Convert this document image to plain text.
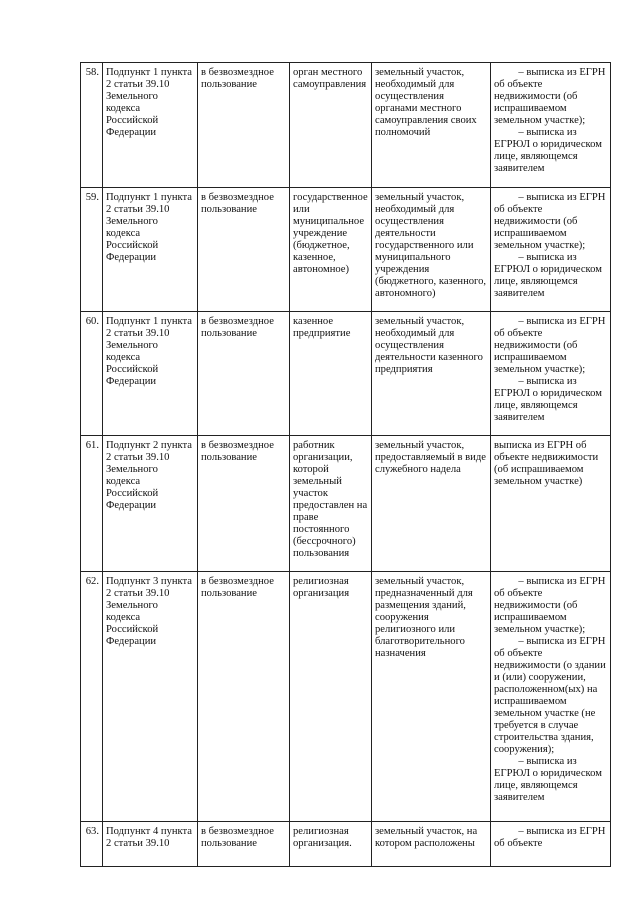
58.	Подпункт 1 пункта 2 статьи 39.10 Земельного кодекса Российской Федерации	в безвозмездное пользование	орган местного самоуправления	земельный участок, необходимый для осуществления органами местного самоуправления своих полномочий	– выписка из ЕГРН об объекте недвижимости (об испрашиваемом земельном участке);
– выписка из ЕГРЮЛ о юридическом лице, являющемся заявителем

59.	Подпункт 1 пункта 2 статьи 39.10 Земельного кодекса Российской Федерации	в безвозмездное пользование	государственное или муниципальное учреждение (бюджетное, казенное, автономное)	земельный участок, необходимый для осуществления деятельности государственного или муниципального учреждения (бюджетного, казенного, автономного)	– выписка из ЕГРН об объекте недвижимости (об испрашиваемом земельном участке);
– выписка из ЕГРЮЛ о юридическом лице, являющемся заявителем

60.	Подпункт 1 пункта 2 статьи 39.10 Земельного кодекса Российской Федерации	в безвозмездное пользование	казенное предприятие	земельный участок, необходимый для осуществления деятельности казенного предприятия	– выписка из ЕГРН об объекте недвижимости (об испрашиваемом земельном участке);
– выписка из ЕГРЮЛ о юридическом лице, являющемся заявителем

61.	Подпункт 2 пункта 2 статьи 39.10 Земельного кодекса Российской Федерации	в безвозмездное пользование	работник организации, которой земельный участок предоставлен на праве постоянного (бессрочного) пользования	земельный участок, предоставляемый в виде служебного надела	выписка из ЕГРН об объекте недвижимости (об испрашиваемом земельном участке)

62.	Подпункт 3 пункта 2 статьи 39.10 Земельного кодекса Российской Федерации	в безвозмездное пользование	религиозная организация	земельный участок, предназначенный для размещения зданий, сооружения религиозного или благотворительного назначения	– выписка из ЕГРН об объекте недвижимости (об испрашиваемом земельном участке);
– выписка из ЕГРН об объекте недвижимости (о здании и (или) сооружении, расположенном(ых) на испрашиваемом земельном участке (не требуется в случае строительства здания, сооружения);
– выписка из ЕГРЮЛ о юридическом лице, являющемся заявителем

63.	Подпункт 4 пункта 2 статьи 39.10	в безвозмездное пользование	религиозная организация.	земельный участок, на котором расположены	– выписка из ЕГРН об объекте
